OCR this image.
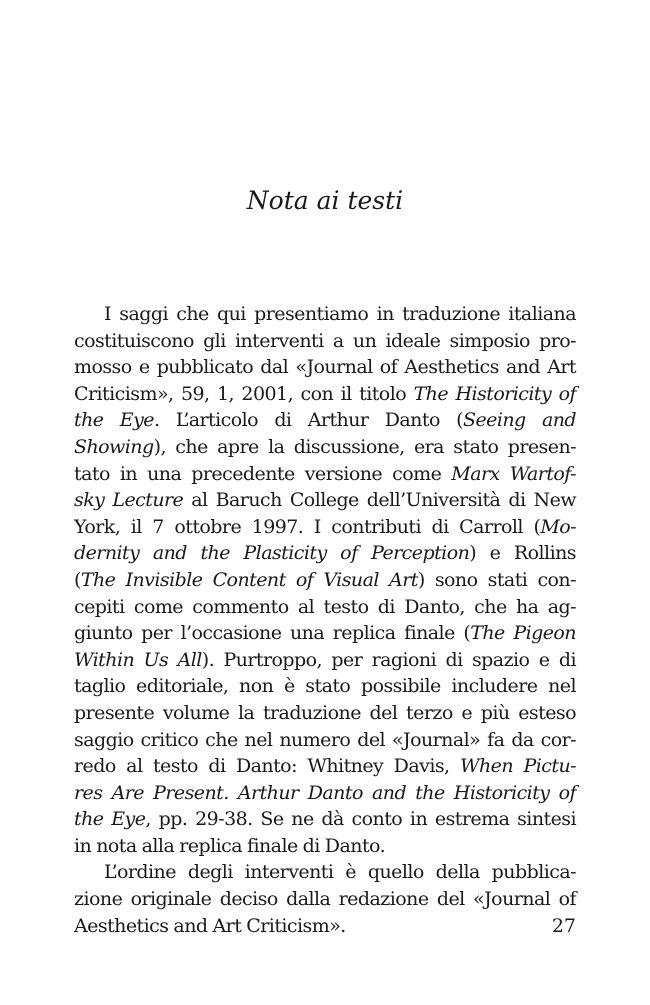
Nota ai testi
I saggi che qui presentiamo in traduzione italiana
costituiscono gli interventi a un ideale simposio pro-
mosso e pubblicato dal «Journal of Aesthetics and Art
Criticism», 59, 1, 2001, con il titolo The Historicity of
the Eye. L’articolo di Arthur Danto (Seeing and
Showing), che apre la discussione, era stato presen-
tato in una precedente versione come Marx Wartof-
sky Lecture al Baruch College dell’Università di New
York, il 7 ottobre 1997. I contributi di Carroll (Mo-
dernity and the Plasticity of Perception) e Rollins
(The Invisible Content of Visual Art) sono stati con-
cepiti come commento al testo di Danto, che ha ag-
giunto per l’occasione una replica finale (The Pigeon
Within Us All). Purtroppo, per ragioni di spazio e di
taglio editoriale, non è stato possibile includere nel
presente volume la traduzione del terzo e più esteso
saggio critico che nel numero del «Journal» fa da cor-
redo al testo di Danto: Whitney Davis, When Pictu-
res Are Present. Arthur Danto and the Historicity of
the Eye, pp. 29-38. Se ne dà conto in estrema sintesi
in nota alla replica finale di Danto.
L’ordine degli interventi è quello della pubblica-
zione originale deciso dalla redazione del «Journal of
Aesthetics and Art Criticism».	27
